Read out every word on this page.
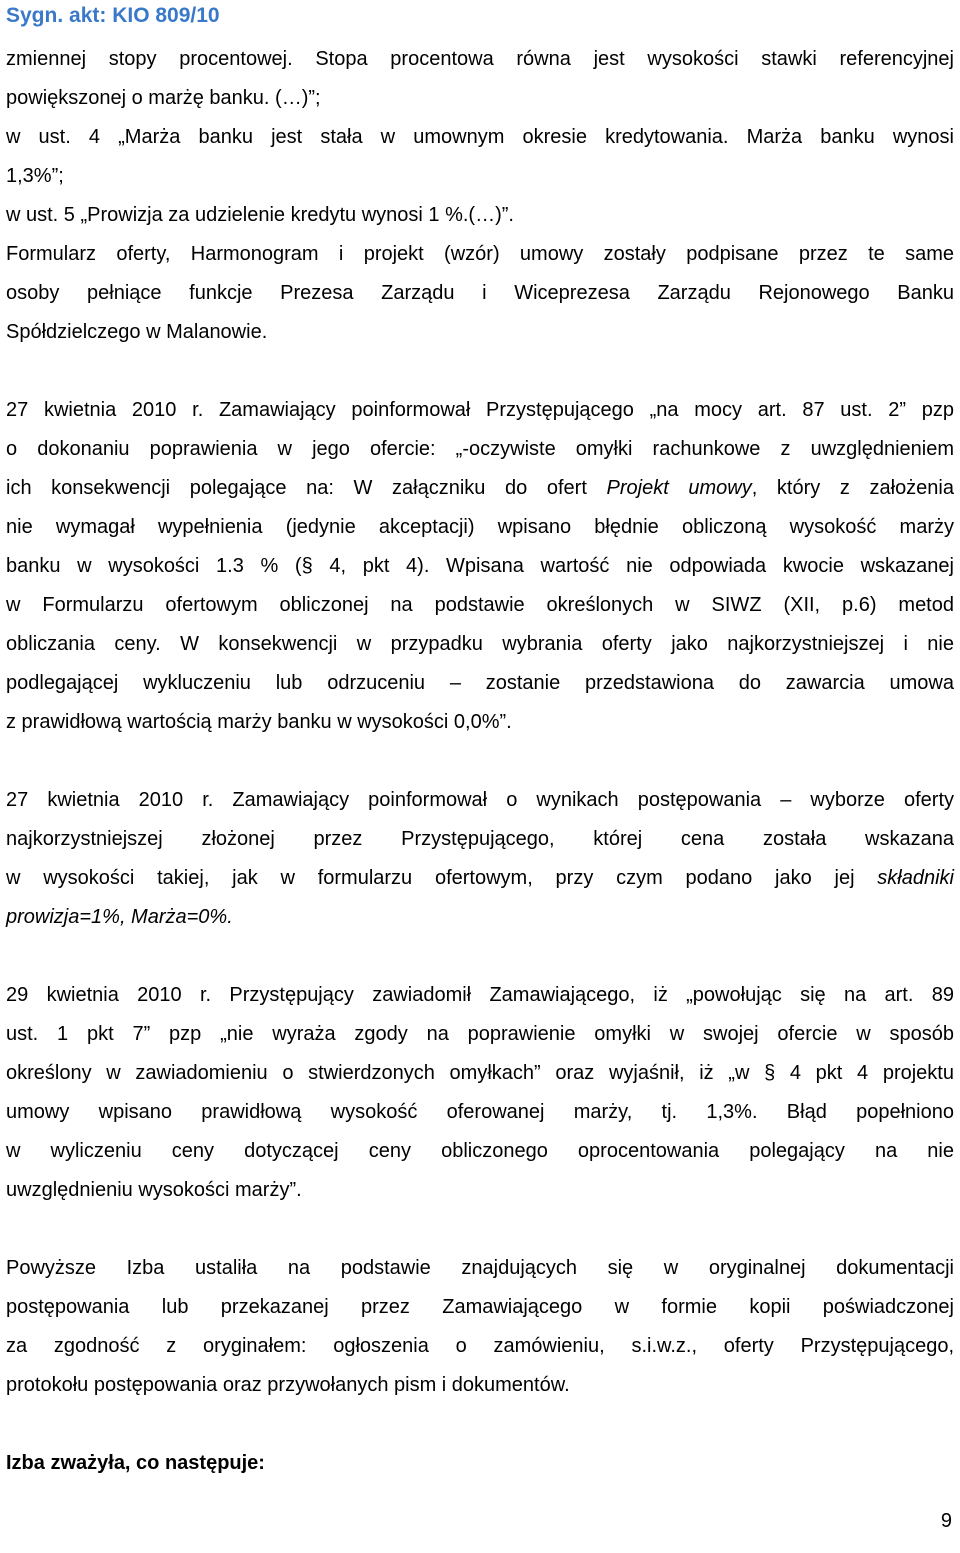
Sygn. akt: KIO 809/10
zmiennej stopy procentowej. Stopa procentowa równa jest wysokości stawki referencyjnej
powiększonej o marżę banku. (…)”;
w ust. 4 „Marża banku jest stała w umownym okresie kredytowania. Marża banku wynosi
1,3%”;
w ust. 5 „Prowizja za udzielenie kredytu wynosi 1 %.(…)”.
Formularz oferty, Harmonogram i projekt (wzór) umowy zostały podpisane przez te same
osoby pełniące funkcje Prezesa Zarządu i Wiceprezesa Zarządu Rejonowego Banku
Spółdzielczego w Malanowie.
27 kwietnia 2010 r. Zamawiający poinformował Przystępującego „na mocy art. 87 ust. 2” pzp
o dokonaniu poprawienia w jego ofercie: „-oczywiste omyłki rachunkowe z uwzględnieniem
ich konsekwencji polegające na: W załączniku do ofert Projekt umowy, który z założenia
nie wymagał wypełnienia (jedynie akceptacji) wpisano błędnie obliczoną wysokość marży
banku w wysokości 1.3 % (§ 4, pkt 4). Wpisana wartość nie odpowiada kwocie wskazanej
w Formularzu ofertowym obliczonej na podstawie określonych w SIWZ (XII, p.6) metod
obliczania ceny. W konsekwencji w przypadku wybrania oferty jako najkorzystniejszej i nie
podlegającej wykluczeniu lub odrzuceniu – zostanie przedstawiona do zawarcia umowa
z prawidłową wartością marży banku w wysokości 0,0%”.
27 kwietnia 2010 r. Zamawiający poinformował o wynikach postępowania – wyborze oferty
najkorzystniejszej złożonej przez Przystępującego, której cena została wskazana
w wysokości takiej, jak w formularzu ofertowym, przy czym podano jako jej składniki
prowizja=1%, Marża=0%.
29 kwietnia 2010 r. Przystępujący zawiadomił Zamawiającego, iż „powołując się na art. 89
ust. 1 pkt 7” pzp „nie wyraża zgody na poprawienie omyłki w swojej ofercie w sposób
określony w zawiadomieniu o stwierdzonych omyłkach” oraz wyjaśnił, iż „w § 4 pkt 4 projektu
umowy wpisano prawidłową wysokość oferowanej marży, tj. 1,3%. Błąd popełniono
w wyliczeniu ceny dotyczącej ceny obliczonego oprocentowania polegający na nie
uwzględnieniu wysokości marży”.
Powyższe Izba ustaliła na podstawie znajdujących się w oryginalnej dokumentacji
postępowania lub przekazanej przez Zamawiającego w formie kopii poświadczonej
za zgodność z oryginałem: ogłoszenia o zamówieniu, s.i.w.z., oferty Przystępującego,
protokołu postępowania oraz przywołanych pism i dokumentów.
Izba zważyła, co następuje:
9
